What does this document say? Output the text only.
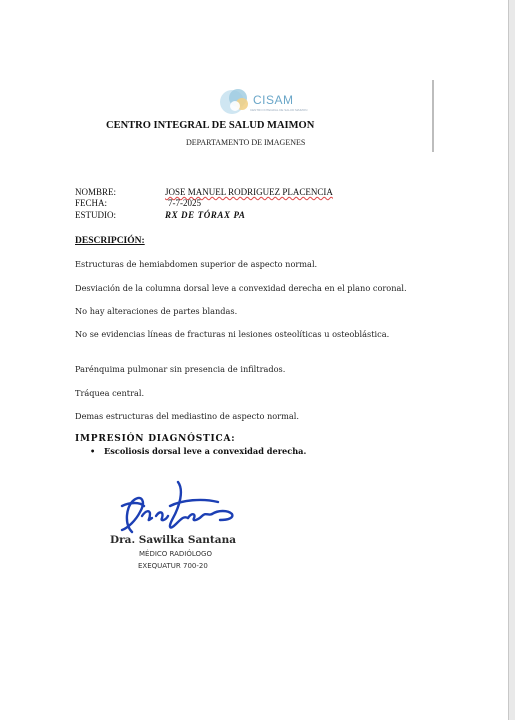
CISAM
CENTRO INTEGRAL DE SALUD MAIMON
CENTRO INTEGRAL DE SALUD MAIMON
DEPARTAMENTO DE IMAGENES
NOMBRE:	JOSE MANUEL RODRIGUEZ PLACENCIA
FECHA:	7-7-2025
ESTUDIO:	RX DE TÓRAX PA
DESCRIPCIÓN:
Estructuras de hemiabdomen superior de aspecto normal.
Desviación de la columna dorsal leve a convexidad derecha en el plano coronal.
No hay alteraciones de partes blandas.
No se evidencias líneas de fracturas ni lesiones osteolíticas u osteoblástica.
Parénquima pulmonar sin presencia de infiltrados.
Tráquea central.
Demas estructuras del mediastino de aspecto normal.
IMPRESIÓN DIAGNÓSTICA:
• Escoliosis dorsal leve a convexidad derecha.
Dra. Sawilka Santana
MÉDICO RADIÓLOGO
EXEQUATUR 700-20
